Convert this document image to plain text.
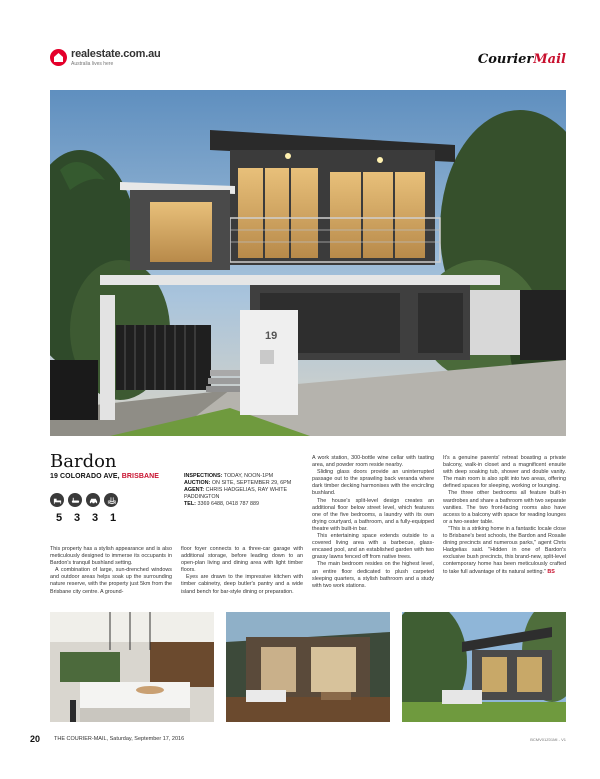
realestate.com.au
Australia lives here	CourierMail
19
Bardon
19 COLORADO AVE, BRISBANE
5	3	3	1
INSPECTIONS: TODAY, NOON-1PM
AUCTION: ON SITE, SEPTEMBER 29, 6PM
AGENT: CHRIS HADGELIAS, RAY WHITE PADDINGTON
TEL: 3369 6488, 0418 787 889

This property has a stylish appearance and is also meticulously designed to immerse its occupants in Bardon's tranquil bushland setting.

A combination of large, sun-drenched windows and outdoor areas helps soak up the surrounding nature reserve, with the property just 5km from the Brisbane city centre. A ground-

floor foyer connects to a three-car garage with additional storage, before leading down to an open-plan living and dining area with light timber floors.

Eyes are drawn to the impressive kitchen with timber cabinetry, deep butler's pantry and a wide island bench for bar-style dining or preparation.

A work station, 300-bottle wine cellar with tasting area, and powder room reside nearby.

Sliding glass doors provide an uninterrupted passage out to the sprawling back veranda where dark timber decking harmonises with the encircling bushland.

The house's split-level design creates an additional floor below street level, which features one of the five bedrooms, a laundry with its own drying courtyard, a bathroom, and a fully-equipped theatre with built-in bar.

This entertaining space extends outside to a covered living area with a barbecue, glass-encased pool, and an established garden with two grassy lawns fenced off from native trees.

The main bedroom resides on the highest level, an entire floor dedicated to plush carpeted sleeping quarters, a stylish bathroom and a study with two work stations.

It's a genuine parents' retreat boasting a private balcony, walk-in closet and a magnificent ensuite with deep soaking tub, shower and double vanity. The main room is also split into two areas, offering defined spaces for sleeping, working or lounging.

The three other bedrooms all feature built-in wardrobes and share a bathroom with two separate vanities. The two front-facing rooms also have access to a balcony with space for reading lounges or a two-seater table.

"This is a striking home in a fantastic locale close to Brisbane's best schools, the Bardon and Rosalie dining precincts and numerous parks," agent Chris Hadgelias said. "Hidden in one of Bardon's exclusive bush precincts, this brand-new, split-level contemporary home has been meticulously crafted to take full advantage of its natural setting." BS

20	THE COURIER-MAIL, Saturday, September 17, 2016	BCMV01Z01MI - V1
